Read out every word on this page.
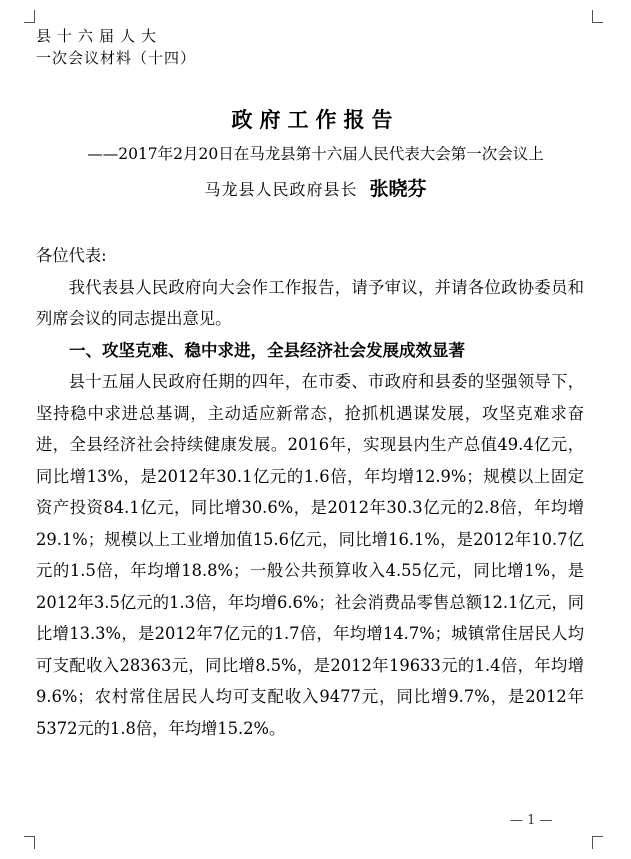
县十六届人大
一次会议材料（十四）
政府工作报告
——2017年2月20日在马龙县第十六届人民代表大会第一次会议上
马龙县人民政府县长 张晓芬

各位代表:

我代表县人民政府向大会作工作报告，请予审议，并请各位政协委员和列席会议的同志提出意见。

一、攻坚克难、稳中求进，全县经济社会发展成效显著

县十五届人民政府任期的四年，在市委、市政府和县委的坚强领导下，坚持稳中求进总基调，主动适应新常态，抢抓机遇谋发展，攻坚克难求奋进，全县经济社会持续健康发展。2016年，实现县内生产总值49.4亿元，同比增13%，是2012年30.1亿元的1.6倍，年均增12.9%；规模以上固定资产投资84.1亿元，同比增30.6%，是2012年30.3亿元的2.8倍，年均增29.1%；规模以上工业增加值15.6亿元，同比增16.1%，是2012年10.7亿元的1.5倍，年均增18.8%；一般公共预算收入4.55亿元，同比增1%，是2012年3.5亿元的1.3倍，年均增6.6%；社会消费品零售总额12.1亿元，同比增13.3%，是2012年7亿元的1.7倍，年均增14.7%；城镇常住居民人均可支配收入28363元，同比增8.5%，是2012年19633元的1.4倍，年均增9.6%；农村常住居民人均可支配收入9477元，同比增9.7%，是2012年5372元的1.8倍，年均增15.2%。

— 1 —
